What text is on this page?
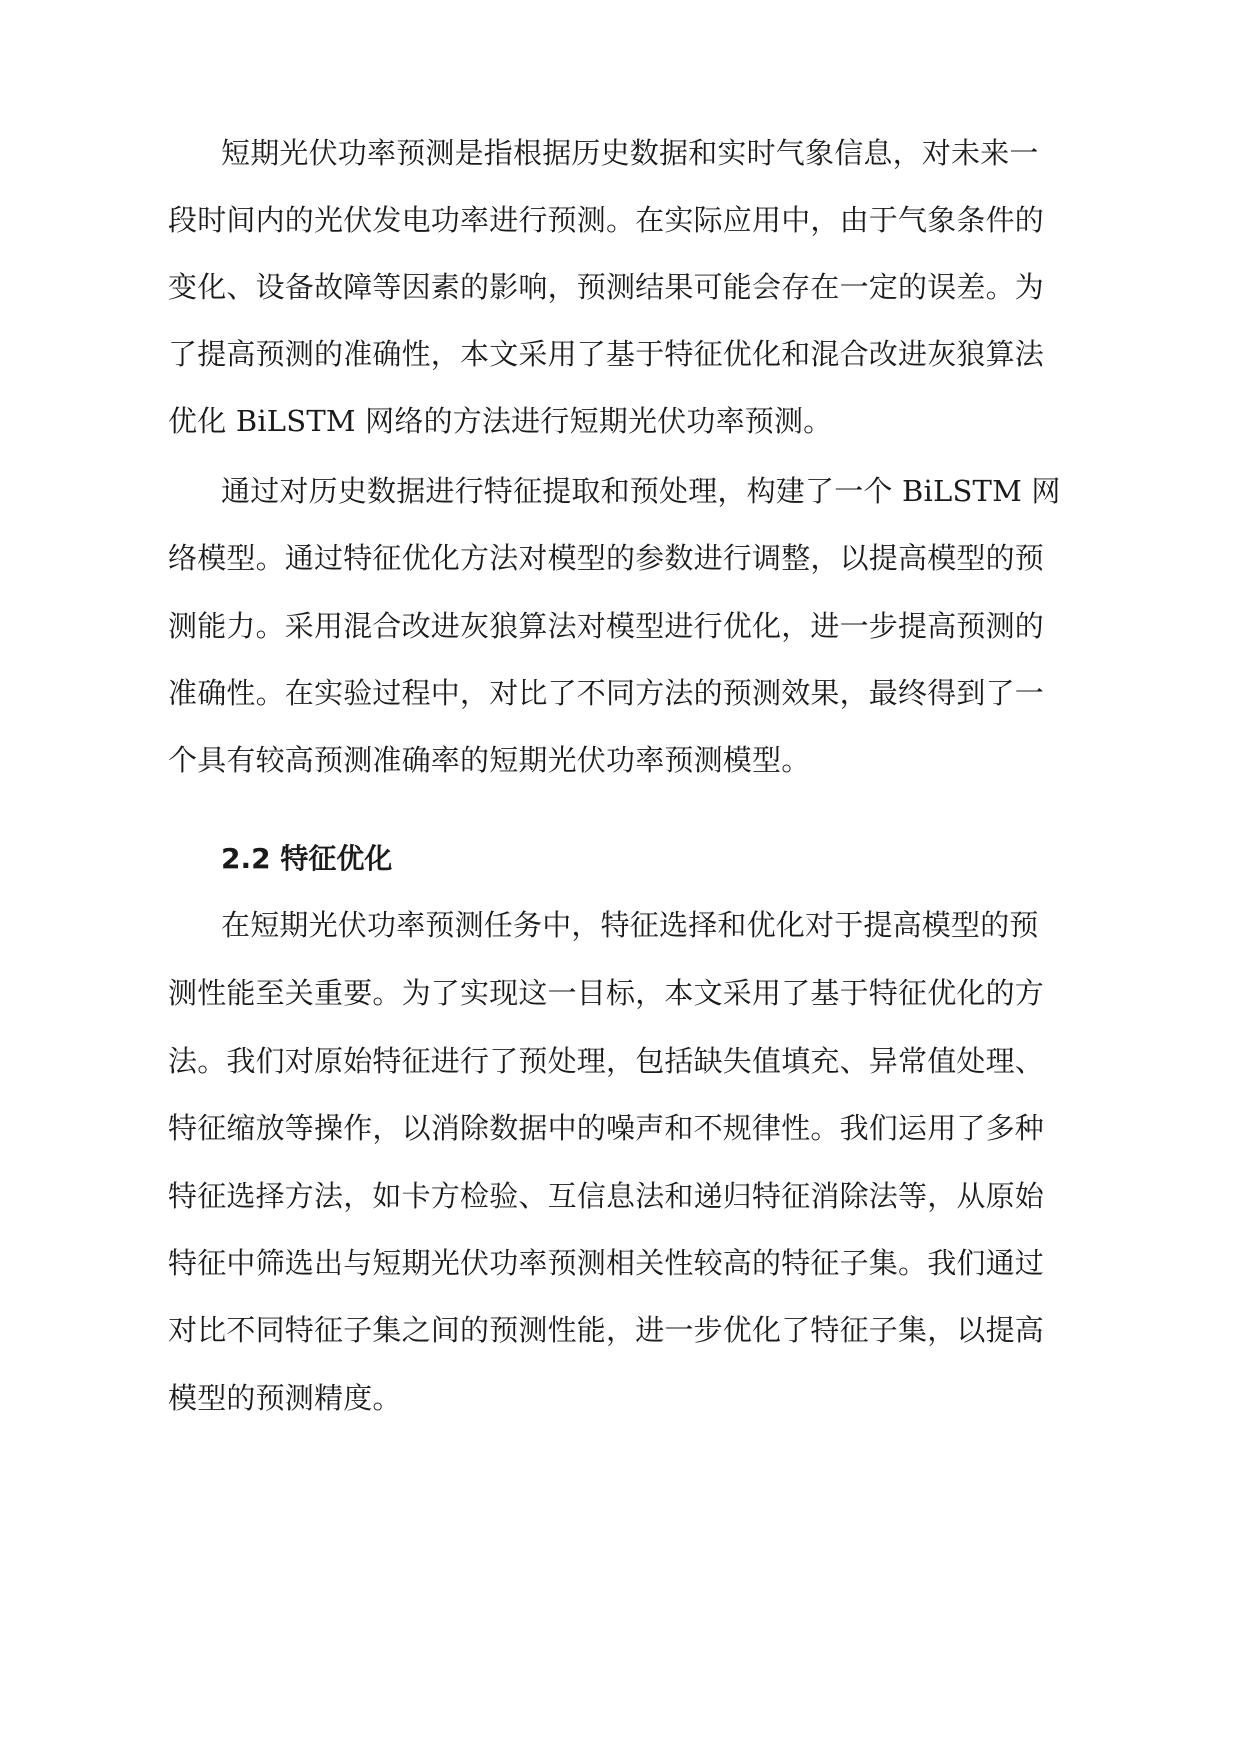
短期光伏功率预测是指根据历史数据和实时气象信息，对未来一
段时间内的光伏发电功率进行预测。在实际应用中，由于气象条件的
变化、设备故障等因素的影响，预测结果可能会存在一定的误差。为
了提高预测的准确性，本文采用了基于特征优化和混合改进灰狼算法
优化 BiLSTM 网络的方法进行短期光伏功率预测。
通过对历史数据进行特征提取和预处理，构建了一个 BiLSTM 网
络模型。通过特征优化方法对模型的参数进行调整，以提高模型的预
测能力。采用混合改进灰狼算法对模型进行优化，进一步提高预测的
准确性。在实验过程中，对比了不同方法的预测效果，最终得到了一
个具有较高预测准确率的短期光伏功率预测模型。
2.2 特征优化
在短期光伏功率预测任务中，特征选择和优化对于提高模型的预
测性能至关重要。为了实现这一目标，本文采用了基于特征优化的方
法。我们对原始特征进行了预处理，包括缺失值填充、异常值处理、
特征缩放等操作，以消除数据中的噪声和不规律性。我们运用了多种
特征选择方法，如卡方检验、互信息法和递归特征消除法等，从原始
特征中筛选出与短期光伏功率预测相关性较高的特征子集。我们通过
对比不同特征子集之间的预测性能，进一步优化了特征子集，以提高
模型的预测精度。
